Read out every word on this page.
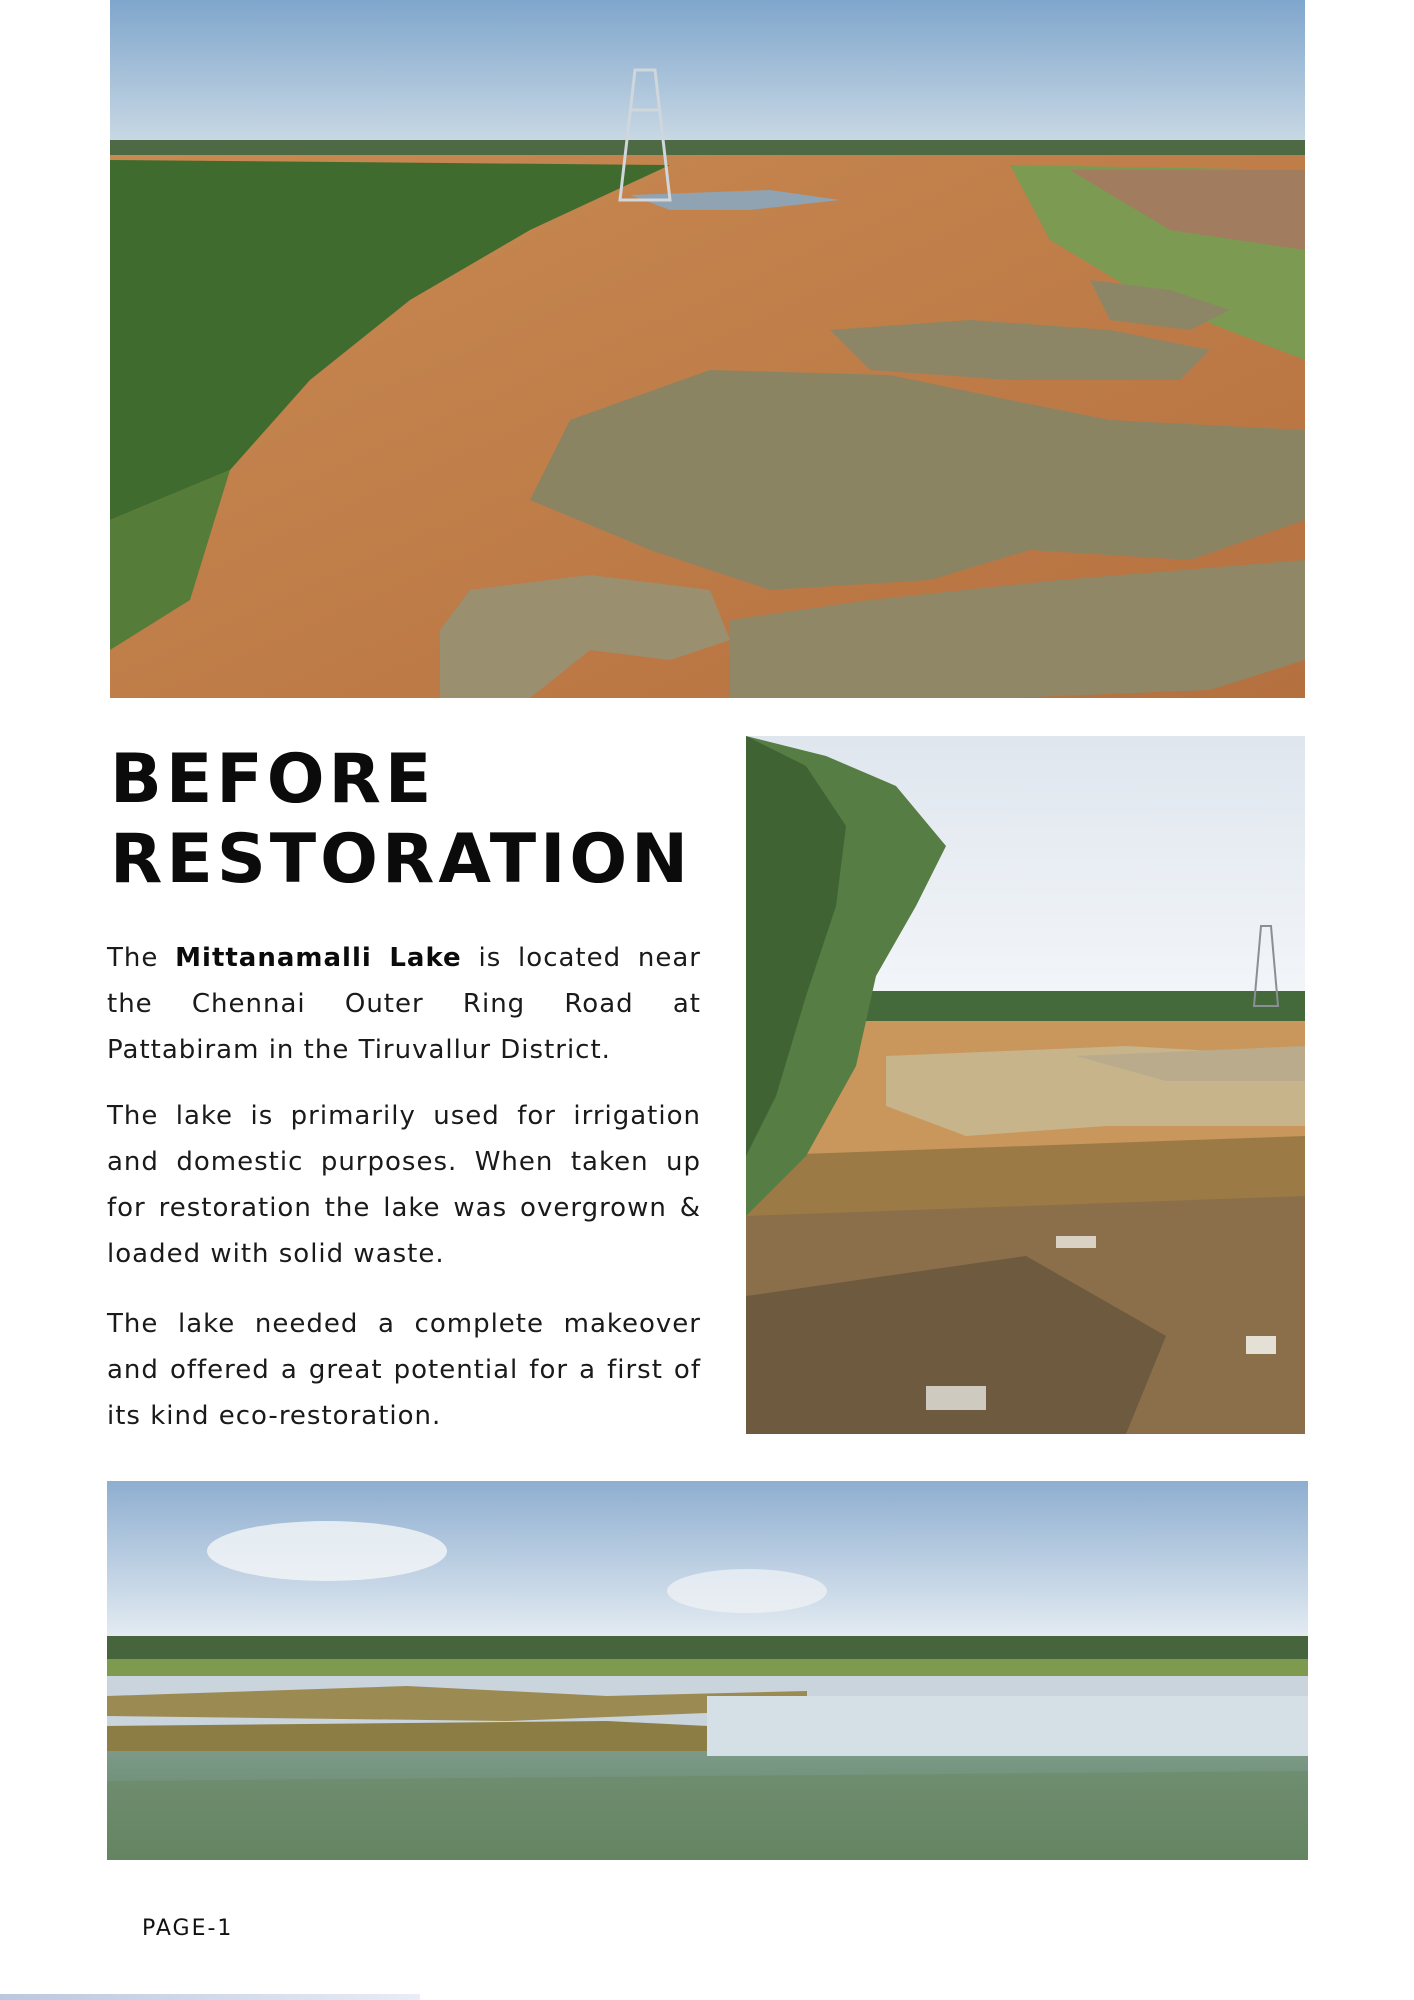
BEFORE
RESTORATION

The Mittanamalli Lake is located near the Chennai Outer Ring Road at Pattabiram in the Tiruvallur District.

The lake is primarily used for irrigation and domestic purposes. When taken up for restoration the lake was overgrown & loaded with solid waste.

The lake needed a complete makeover and offered a great potential for a first of its kind eco-restoration.

PAGE-1
